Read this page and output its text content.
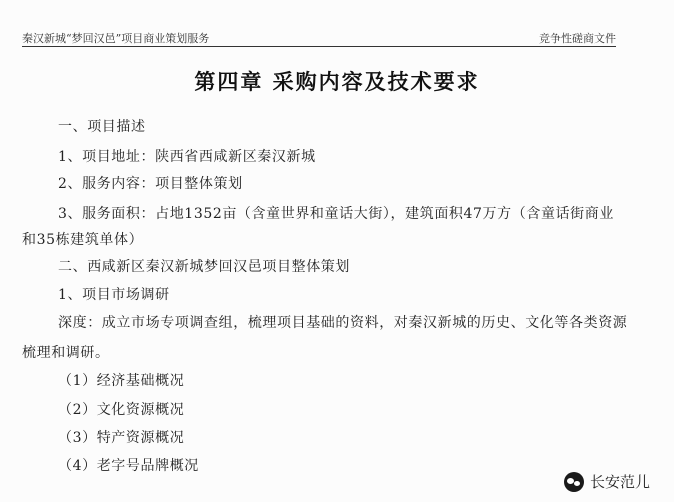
秦汉新城“梦回汉邑”项目商业策划服务	竞争性磋商文件
第四章 采购内容及技术要求
一、项目描述
1、项目地址：陕西省西咸新区秦汉新城
2、服务内容：项目整体策划
3、服务面积：占地1352亩（含童世界和童话大街），建筑面积47万方（含童话街商业
和35栋建筑单体）
二、西咸新区秦汉新城梦回汉邑项目整体策划
1、项目市场调研
深度：成立市场专项调查组，梳理项目基础的资料，对秦汉新城的历史、文化等各类资源
梳理和调研。
（1）经济基础概况
（2）文化资源概况
（3）特产资源概况
（4）老字号品牌概况
长安范儿
